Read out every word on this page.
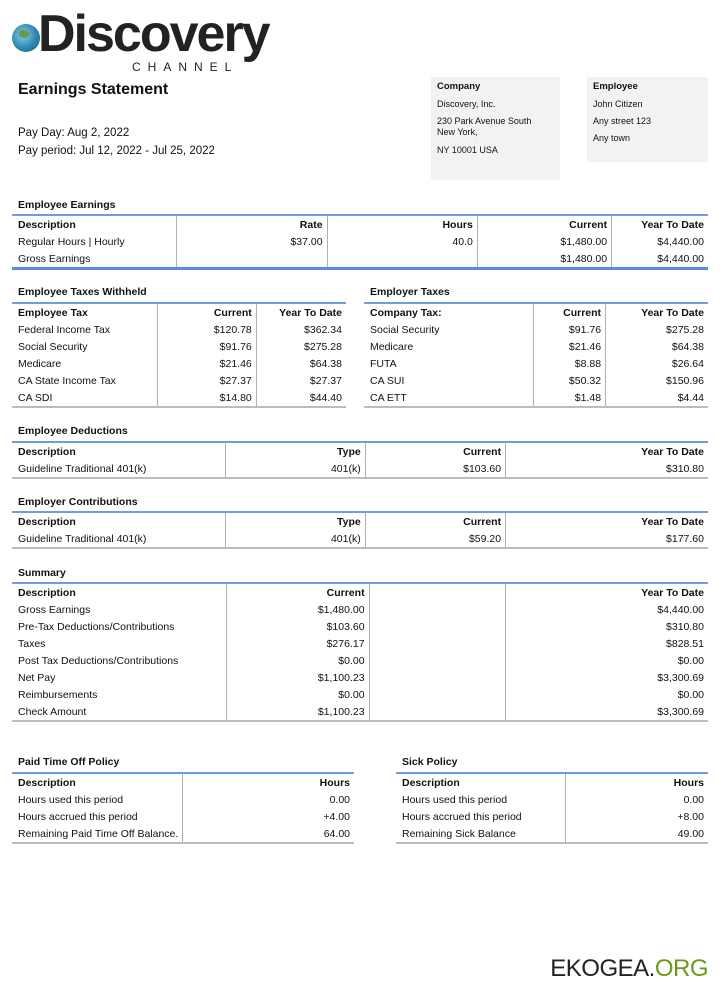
Discovery
CHANNEL
Earnings Statement
Pay Day: Aug 2, 2022
Pay period: Jul 12, 2022 - Jul 25, 2022
Company

Discovery, Inc.

230 Park Avenue South

New York,

NY 10001 USA

Employee

John Citizen

Any street 123

Any town

Employee Earnings
Description	Rate	Hours	Current	Year To Date
Regular Hours | Hourly	$37.00	40.0	$1,480.00	$4,440.00
Gross Earnings			$1,480.00	$4,440.00
Employee Taxes Withheld
Employee Tax	Current	Year To Date
Federal Income Tax	$120.78	$362.34
Social Security	$91.76	$275.28
Medicare	$21.46	$64.38
CA State Income Tax	$27.37	$27.37
CA SDI	$14.80	$44.40
Employer Taxes
Company Tax:	Current	Year To Date
Social Security	$91.76	$275.28
Medicare	$21.46	$64.38
FUTA	$8.88	$26.64
CA SUI	$50.32	$150.96
CA ETT	$1.48	$4.44
Employee Deductions
Description	Type	Current	Year To Date
Guideline Traditional 401(k)	401(k)	$103.60	$310.80
Employer Contributions
Description	Type	Current	Year To Date
Guideline Traditional 401(k)	401(k)	$59.20	$177.60
Summary
Description	Current		Year To Date
Gross Earnings	$1,480.00		$4,440.00
Pre-Tax Deductions/Contributions	$103.60		$310.80
Taxes	$276.17		$828.51
Post Tax Deductions/Contributions	$0.00		$0.00
Net Pay	$1,100.23		$3,300.69
Reimbursements	$0.00		$0.00
Check Amount	$1,100.23		$3,300.69
Paid Time Off Policy
Description	Hours
Hours used this period	0.00
Hours accrued this period	+4.00
Remaining Paid Time Off Balance.	64.00
Sick Policy
Description	Hours
Hours used this period	0.00
Hours accrued this period	+8.00
Remaining Sick Balance	49.00
EKOGEA.ORG
